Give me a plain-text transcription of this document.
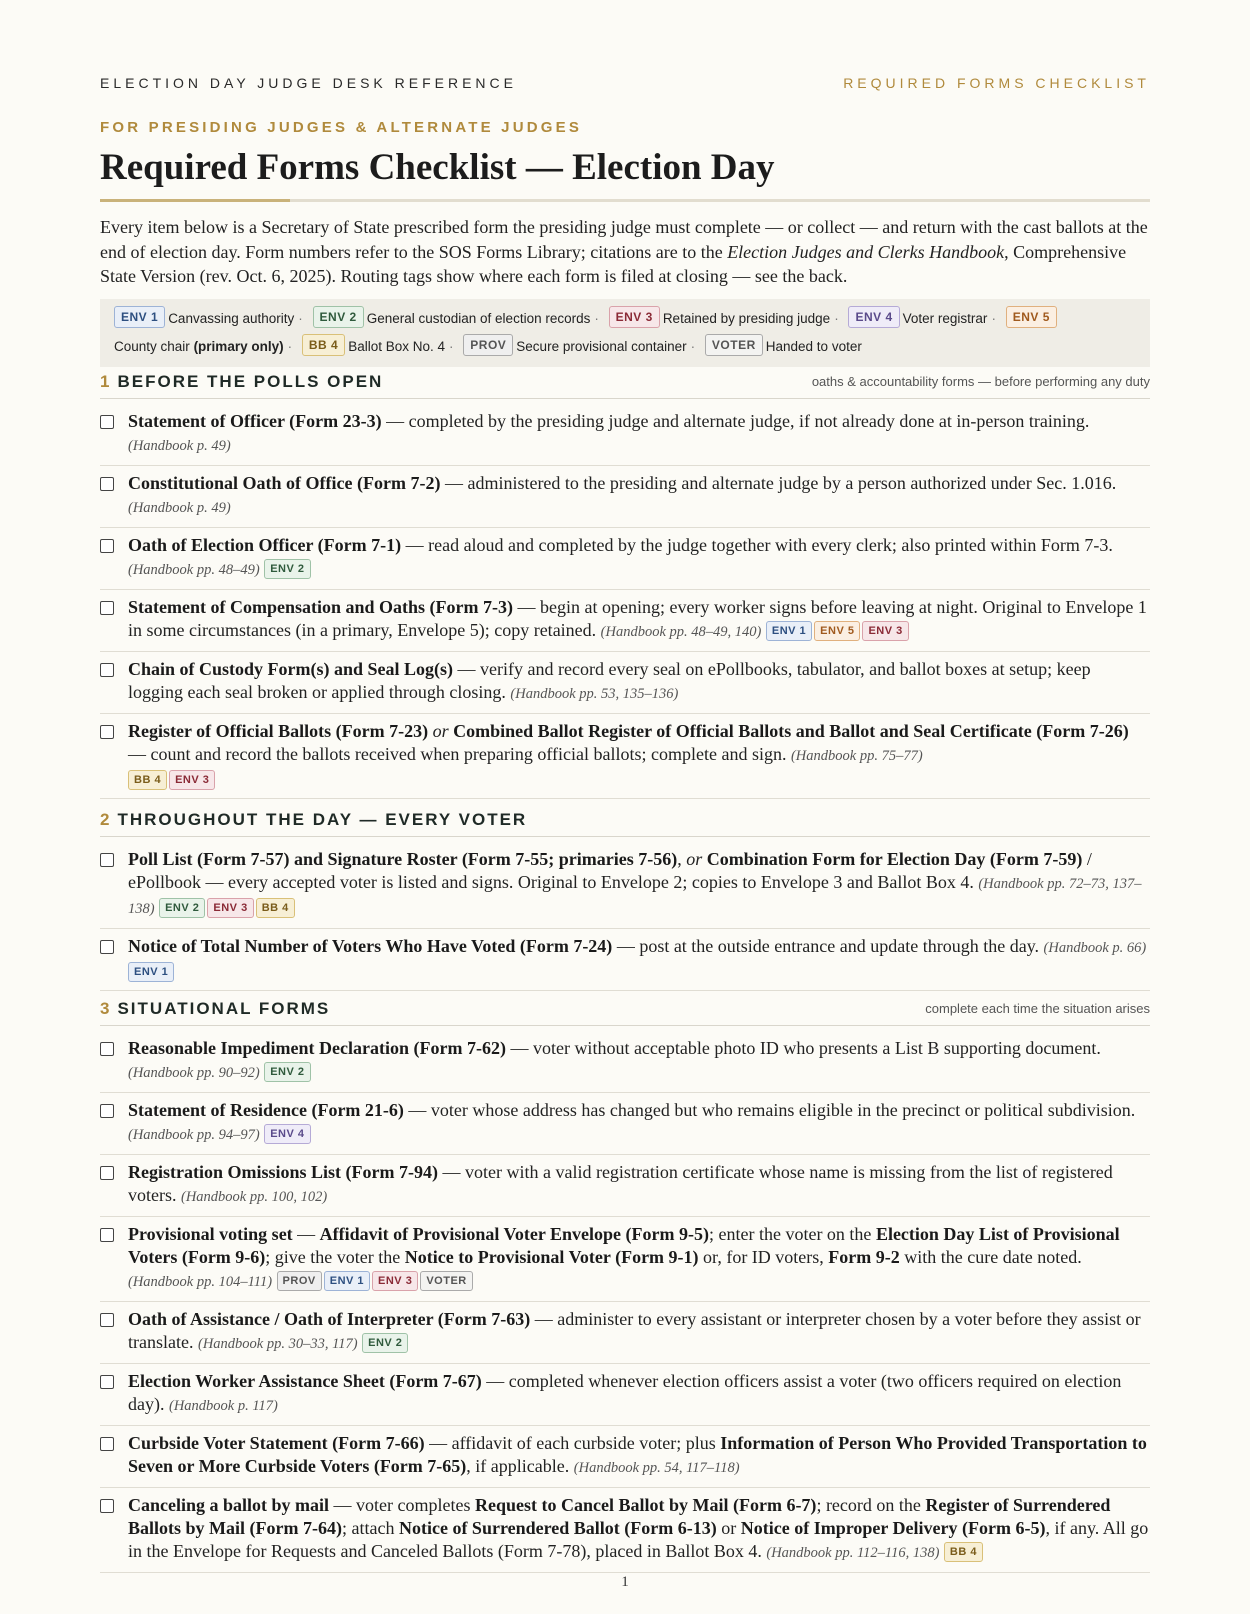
ELECTION DAY JUDGE DESK REFERENCE	REQUIRED FORMS CHECKLIST
FOR PRESIDING JUDGES & ALTERNATE JUDGES
Required Forms Checklist — Election Day

Every item below is a Secretary of State prescribed form the presiding judge must complete — or collect — and return with the cast ballots at the end of election day. Form numbers refer to the SOS Forms Library; citations are to the Election Judges and Clerks Handbook, Comprehensive State Version (rev. Oct. 6, 2025). Routing tags show where each form is filed at closing — see the back.

ENV 1 Canvassing authority · ENV 2 General custodian of election records · ENV 3 Retained by presiding judge · ENV 4 Voter registrar · ENV 5
County chair (primary only) · BB 4 Ballot Box No. 4 · PROV Secure provisional container · VOTER Handed to voter
1 BEFORE THE POLLS OPEN	oaths & accountability forms — before performing any duty
Statement of Officer (Form 23-3) — completed by the presiding judge and alternate judge, if not already done at in-person training. (Handbook p. 49)
Constitutional Oath of Office (Form 7-2) — administered to the presiding and alternate judge by a person authorized under Sec. 1.016. (Handbook p. 49)
Oath of Election Officer (Form 7-1) — read aloud and completed by the judge together with every clerk; also printed within Form 7-3. (Handbook pp. 48–49) ENV 2
Statement of Compensation and Oaths (Form 7-3) — begin at opening; every worker signs before leaving at night. Original to Envelope 1 in some circumstances (in a primary, Envelope 5); copy retained. (Handbook pp. 48–49, 140) ENV 1 ENV 5 ENV 3
Chain of Custody Form(s) and Seal Log(s) — verify and record every seal on ePollbooks, tabulator, and ballot boxes at setup; keep logging each seal broken or applied through closing. (Handbook pp. 53, 135–136)
Register of Official Ballots (Form 7-23) or Combined Ballot Register of Official Ballots and Ballot and Seal Certificate (Form 7-26) — count and record the ballots received when preparing official ballots; complete and sign. (Handbook pp. 75–77)
BB 4 ENV 3
2 THROUGHOUT THE DAY — EVERY VOTER
Poll List (Form 7-57) and Signature Roster (Form 7-55; primaries 7-56), or Combination Form for Election Day (Form 7-59) / ePollbook — every accepted voter is listed and signs. Original to Envelope 2; copies to Envelope 3 and Ballot Box 4. (Handbook pp. 72–73, 137–138) ENV 2 ENV 3 BB 4
Notice of Total Number of Voters Who Have Voted (Form 7-24) — post at the outside entrance and update through the day. (Handbook p. 66) ENV 1
3 SITUATIONAL FORMS	complete each time the situation arises
Reasonable Impediment Declaration (Form 7-62) — voter without acceptable photo ID who presents a List B supporting document. (Handbook pp. 90–92) ENV 2
Statement of Residence (Form 21-6) — voter whose address has changed but who remains eligible in the precinct or political subdivision. (Handbook pp. 94–97) ENV 4
Registration Omissions List (Form 7-94) — voter with a valid registration certificate whose name is missing from the list of registered voters. (Handbook pp. 100, 102)
Provisional voting set — Affidavit of Provisional Voter Envelope (Form 9-5); enter the voter on the Election Day List of Provisional Voters (Form 9-6); give the voter the Notice to Provisional Voter (Form 9-1) or, for ID voters, Form 9-2 with the cure date noted. (Handbook pp. 104–111) PROV ENV 1 ENV 3 VOTER
Oath of Assistance / Oath of Interpreter (Form 7-63) — administer to every assistant or interpreter chosen by a voter before they assist or translate. (Handbook pp. 30–33, 117) ENV 2
Election Worker Assistance Sheet (Form 7-67) — completed whenever election officers assist a voter (two officers required on election day). (Handbook p. 117)
Curbside Voter Statement (Form 7-66) — affidavit of each curbside voter; plus Information of Person Who Provided Transportation to Seven or More Curbside Voters (Form 7-65), if applicable. (Handbook pp. 54, 117–118)
Canceling a ballot by mail — voter completes Request to Cancel Ballot by Mail (Form 6-7); record on the Register of Surrendered Ballots by Mail (Form 7-64); attach Notice of Surrendered Ballot (Form 6-13) or Notice of Improper Delivery (Form 6-5), if any. All go in the Envelope for Requests and Canceled Ballots (Form 7-78), placed in Ballot Box 4. (Handbook pp. 112–116, 138) BB 4
1
